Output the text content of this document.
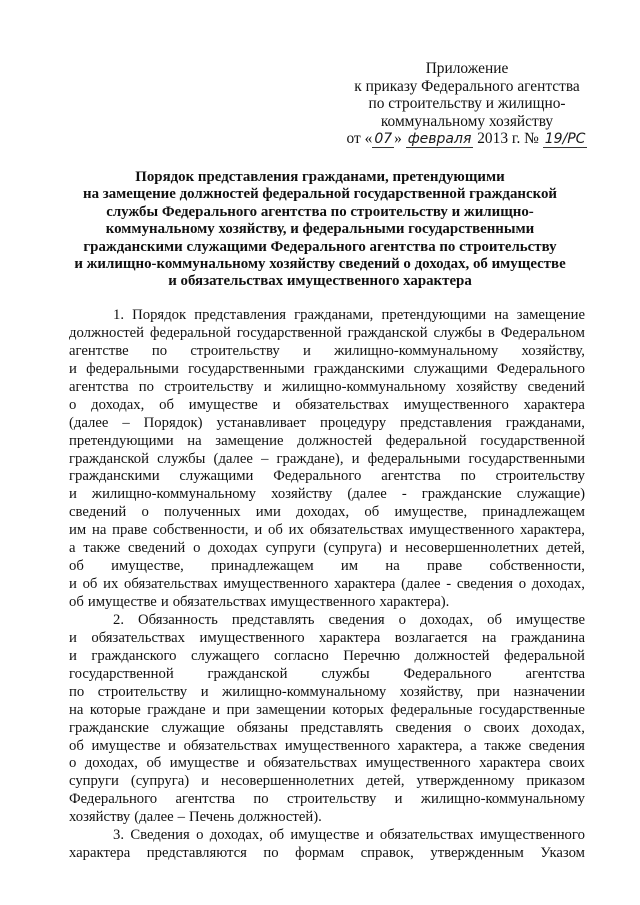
Приложение
к приказу Федерального агентства
по строительству и жилищно-
коммунальному хозяйству
от « 07 » февраля 2013 г. № 19/PC
Порядок представления гражданами, претендующими
на замещение должностей федеральной государственной гражданской
службы Федерального агентства по строительству и жилищно-
коммунальному хозяйству, и федеральными государственными
гражданскими служащими Федерального агентства по строительству
и жилищно-коммунальному хозяйству сведений о доходах, об имуществе
и обязательствах имущественного характера
1. Порядок представления гражданами, претендующими на замещение
должностей федеральной государственной гражданской службы в Федеральном
агентстве по строительству и жилищно-коммунальному хозяйству,
и федеральными государственными гражданскими служащими Федерального
агентства по строительству и жилищно-коммунальному хозяйству сведений
о доходах, об имуществе и обязательствах имущественного характера
(далее – Порядок) устанавливает процедуру представления гражданами,
претендующими на замещение должностей федеральной государственной
гражданской службы (далее – граждане), и федеральными государственными
гражданскими служащими Федерального агентства по строительству
и жилищно-коммунальному хозяйству (далее - гражданские служащие)
сведений о полученных ими доходах, об имуществе, принадлежащем
им на праве собственности, и об их обязательствах имущественного характера,
а также сведений о доходах супруги (супруга) и несовершеннолетних детей,
об имуществе, принадлежащем им на праве собственности,
и об их обязательствах имущественного характера (далее - сведения о доходах,
об имуществе и обязательствах имущественного характера).
2. Обязанность представлять сведения о доходах, об имуществе
и обязательствах имущественного характера возлагается на гражданина
и гражданского служащего согласно Перечню должностей федеральной
государственной гражданской службы Федерального агентства
по строительству и жилищно-коммунальному хозяйству, при назначении
на которые граждане и при замещении которых федеральные государственные
гражданские служащие обязаны представлять сведения о своих доходах,
об имуществе и обязательствах имущественного характера, а также сведения
о доходах, об имуществе и обязательствах имущественного характера своих
супруги (супруга) и несовершеннолетних детей, утвержденному приказом
Федерального агентства по строительству и жилищно-коммунальному
хозяйству (далее – Печень должностей).
3. Сведения о доходах, об имуществе и обязательствах имущественного
характера представляются по формам справок, утвержденным Указом
